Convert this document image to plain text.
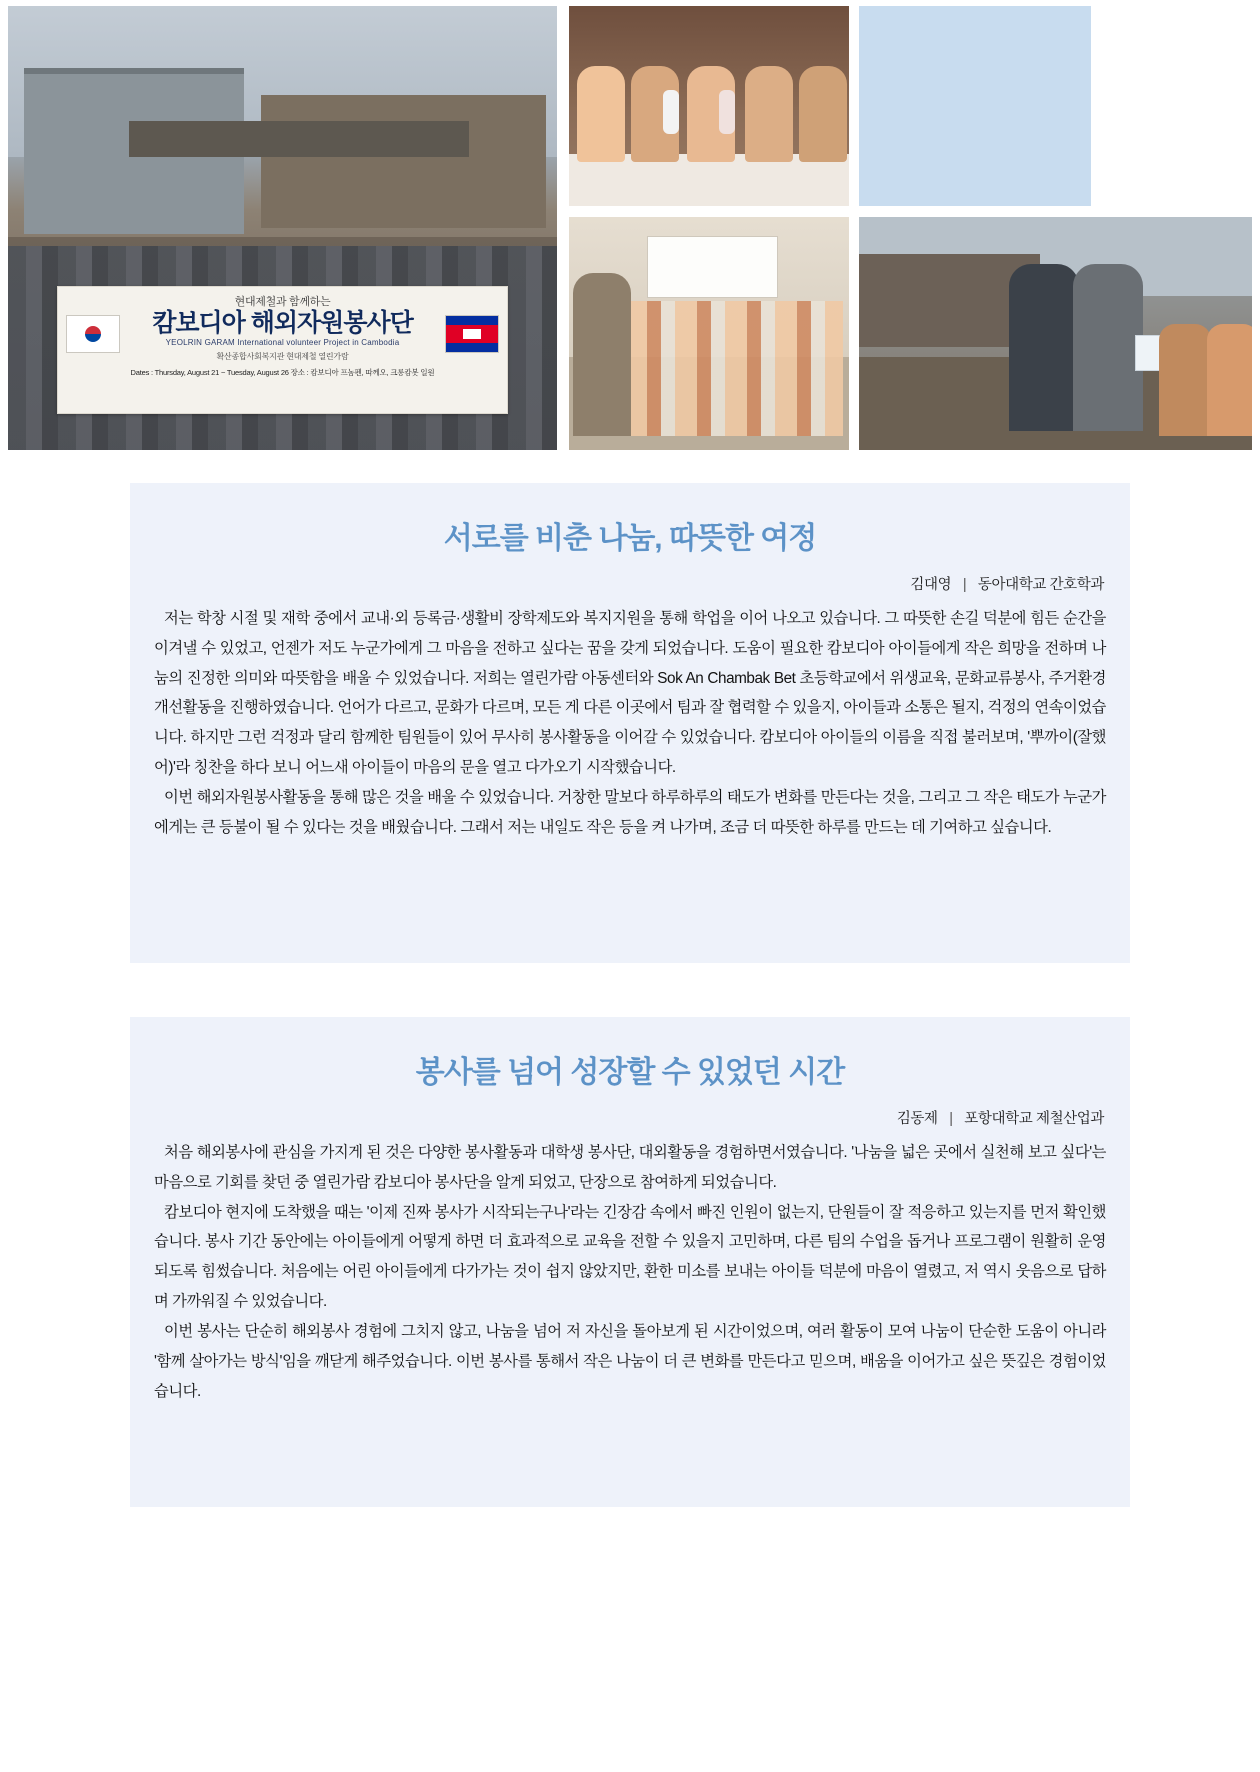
현대제철과 함께하는
캄보디아 해외자원봉사단
YEOLRIN GARAM International volunteer Project in Cambodia
확산종합사회복지관 현대제철 열린가람
Dates : Thursday, August 21 ~ Tuesday, August 26 장소 : 캄보디아 프놈펜, 따께오, 크롱캄봇 일원
서로를 비춘 나눔, 따뜻한 여정
김대영 | 동아대학교 간호학과

저는 학창 시절 및 재학 중에서 교내·외 등록금·생활비 장학제도와 복지지원을 통해 학업을 이어 나오고 있습니다. 그 따뜻한 손길 덕분에 힘든 순간을 이겨낼 수 있었고, 언젠가 저도 누군가에게 그 마음을 전하고 싶다는 꿈을 갖게 되었습니다. 도움이 필요한 캄보디아 아이들에게 작은 희망을 전하며 나눔의 진정한 의미와 따뜻함을 배울 수 있었습니다. 저희는 열린가람 아동센터와 Sok An Chambak Bet 초등학교에서 위생교육, 문화교류봉사, 주거환경개선활동을 진행하였습니다. 언어가 다르고, 문화가 다르며, 모든 게 다른 이곳에서 팀과 잘 협력할 수 있을지, 아이들과 소통은 될지, 걱정의 연속이었습니다. 하지만 그런 걱정과 달리 함께한 팀원들이 있어 무사히 봉사활동을 이어갈 수 있었습니다. 캄보디아 아이들의 이름을 직접 불러보며, '뿌까이(잘했어)'라 칭찬을 하다 보니 어느새 아이들이 마음의 문을 열고 다가오기 시작했습니다.

이번 해외자원봉사활동을 통해 많은 것을 배울 수 있었습니다. 거창한 말보다 하루하루의 태도가 변화를 만든다는 것을, 그리고 그 작은 태도가 누군가에게는 큰 등불이 될 수 있다는 것을 배웠습니다. 그래서 저는 내일도 작은 등을 켜 나가며, 조금 더 따뜻한 하루를 만드는 데 기여하고 싶습니다.

봉사를 넘어 성장할 수 있었던 시간
김동제 | 포항대학교 제철산업과

처음 해외봉사에 관심을 가지게 된 것은 다양한 봉사활동과 대학생 봉사단, 대외활동을 경험하면서였습니다. '나눔을 넓은 곳에서 실천해 보고 싶다'는 마음으로 기회를 찾던 중 열린가람 캄보디아 봉사단을 알게 되었고, 단장으로 참여하게 되었습니다.

캄보디아 현지에 도착했을 때는 '이제 진짜 봉사가 시작되는구나'라는 긴장감 속에서 빠진 인원이 없는지, 단원들이 잘 적응하고 있는지를 먼저 확인했습니다. 봉사 기간 동안에는 아이들에게 어떻게 하면 더 효과적으로 교육을 전할 수 있을지 고민하며, 다른 팀의 수업을 돕거나 프로그램이 원활히 운영되도록 힘썼습니다. 처음에는 어린 아이들에게 다가가는 것이 쉽지 않았지만, 환한 미소를 보내는 아이들 덕분에 마음이 열렸고, 저 역시 웃음으로 답하며 가까워질 수 있었습니다.

이번 봉사는 단순히 해외봉사 경험에 그치지 않고, 나눔을 넘어 저 자신을 돌아보게 된 시간이었으며, 여러 활동이 모여 나눔이 단순한 도움이 아니라 '함께 살아가는 방식'임을 깨닫게 해주었습니다. 이번 봉사를 통해서 작은 나눔이 더 큰 변화를 만든다고 믿으며, 배움을 이어가고 싶은 뜻깊은 경험이었습니다.
